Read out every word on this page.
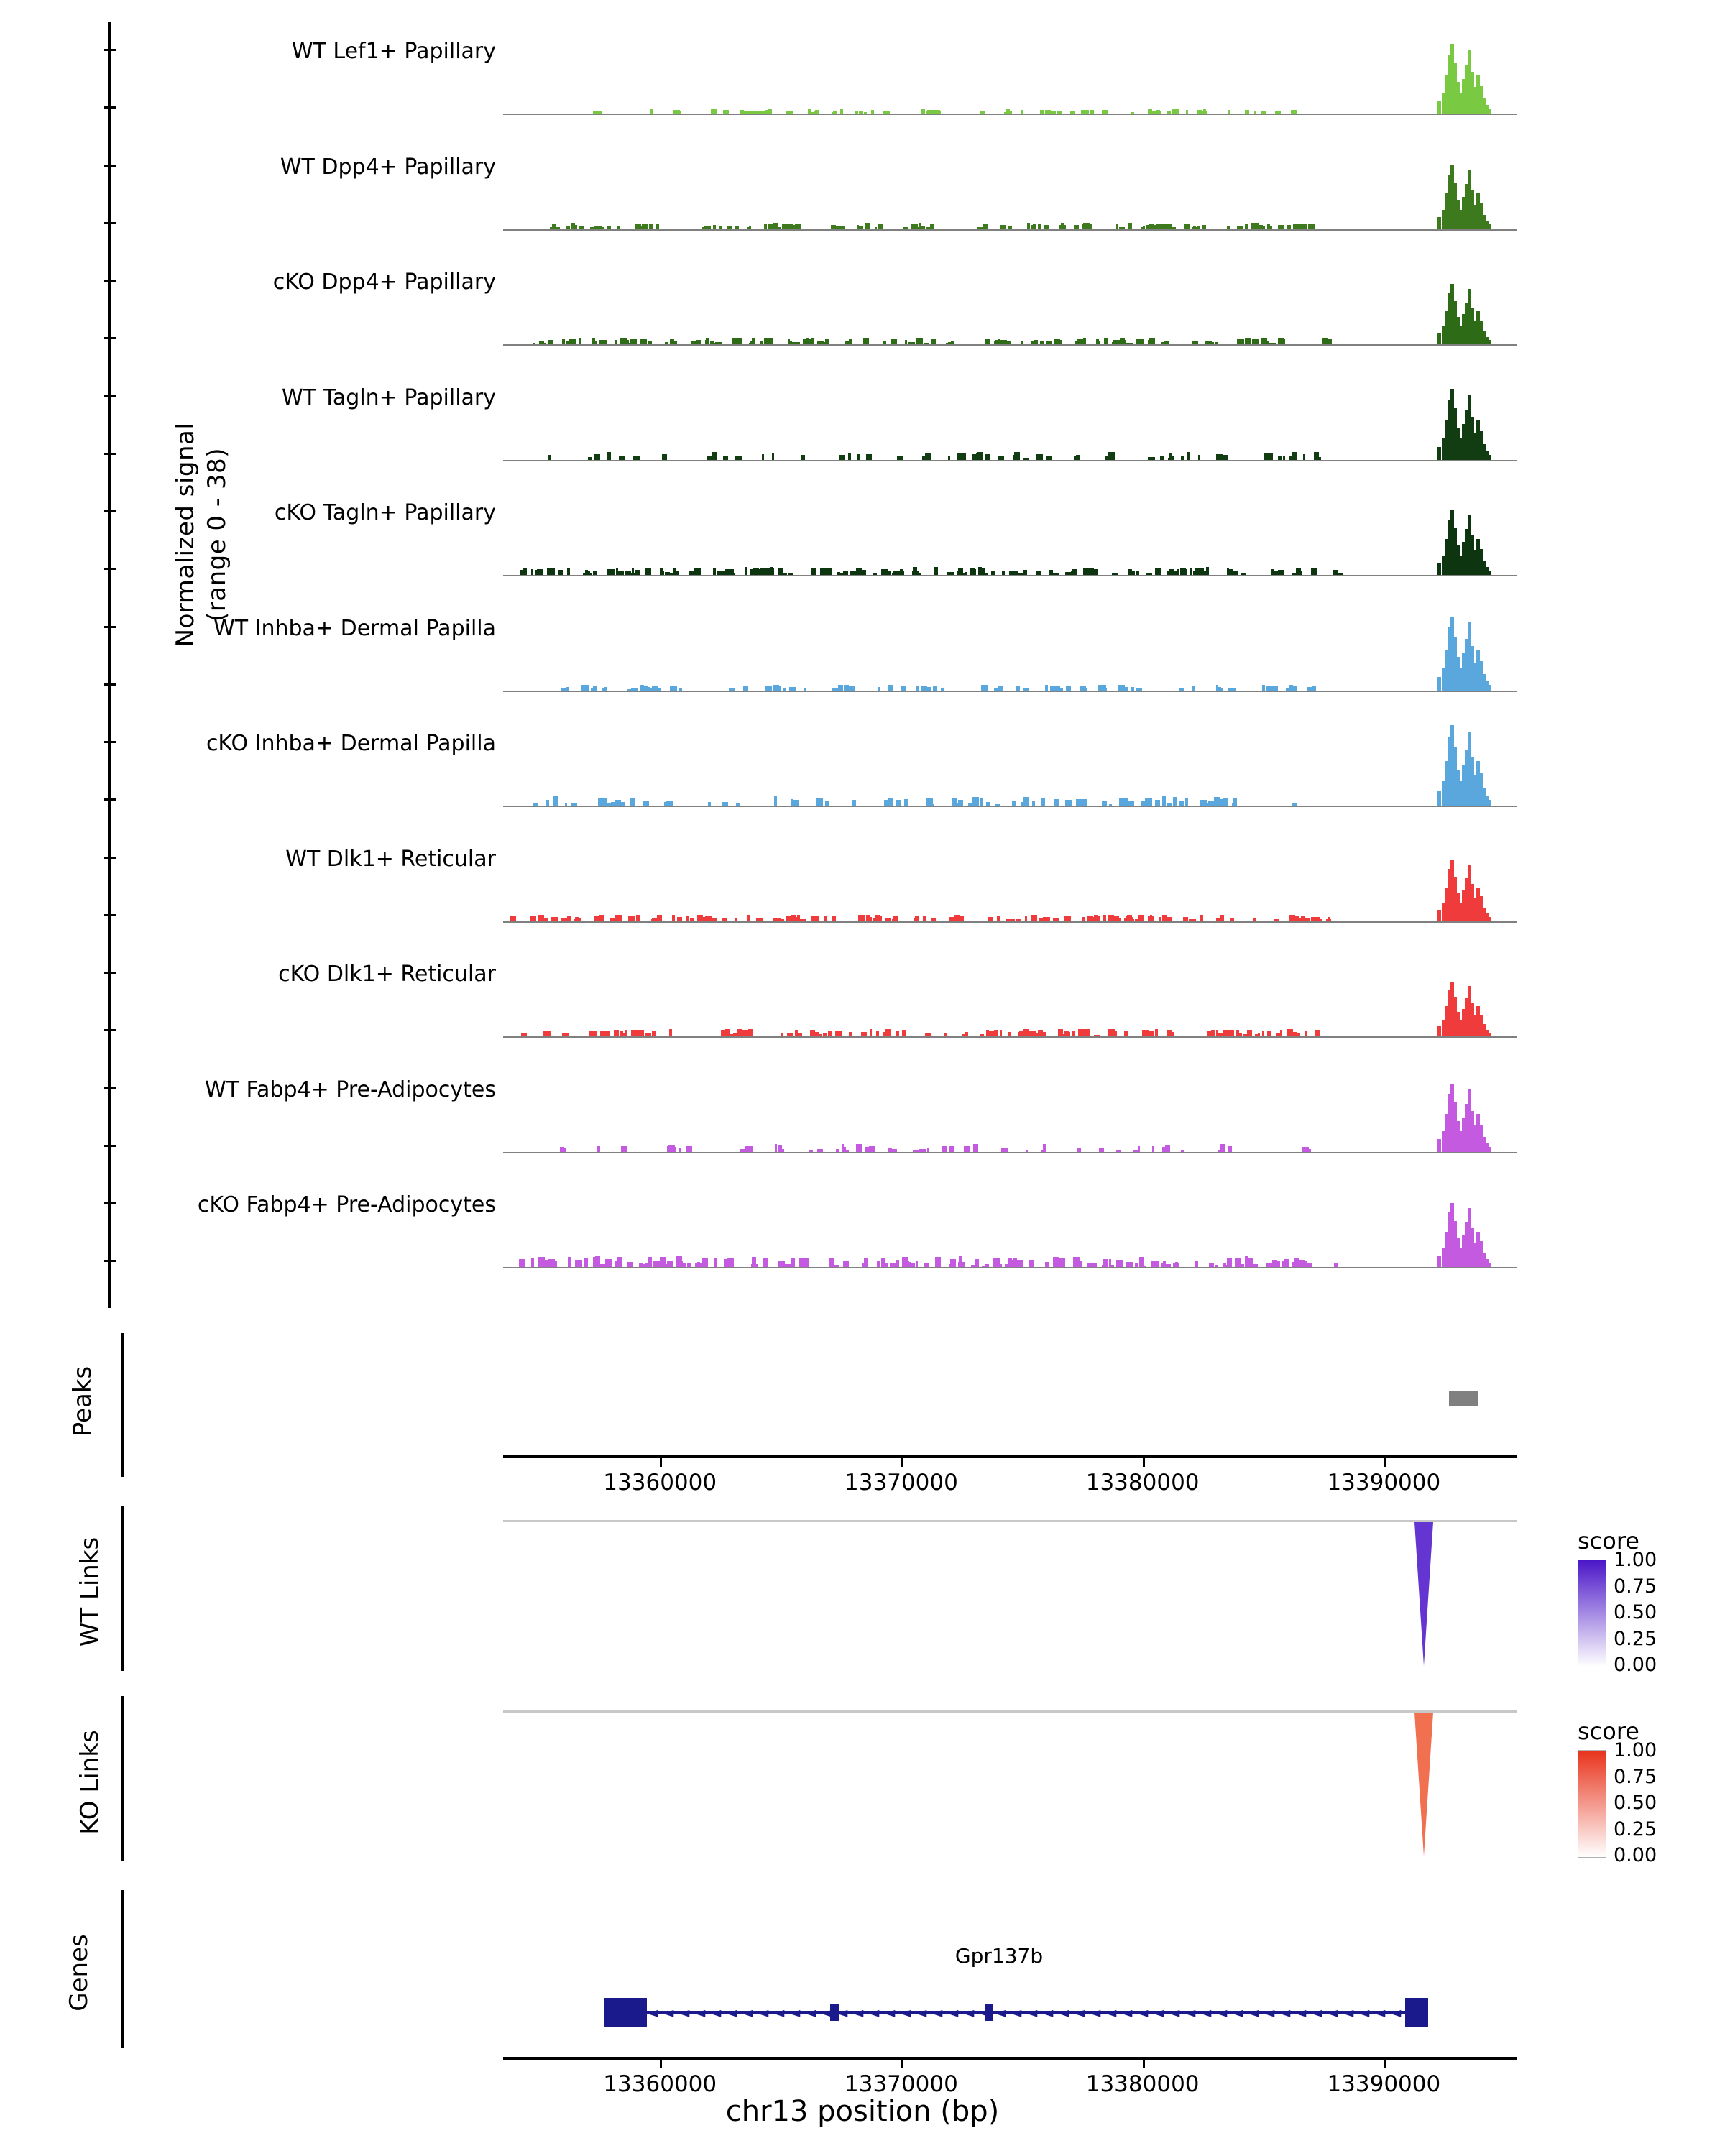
Normalized signal (range 0 - 38)
WT Lef1+ Papillary
WT Dpp4+ Papillary
cKO Dpp4+ Papillary
WT Tagln+ Papillary
cKO Tagln+ Papillary
WT Inhba+ Dermal Papilla
cKO Inhba+ Dermal Papilla
WT Dlk1+ Reticular
cKO Dlk1+ Reticular
WT Fabp4+ Pre-Adipocytes
cKO Fabp4+ Pre-Adipocytes
Peaks
13360000	13370000	13380000	13390000
WT Links	score
1.00
0.75
0.50
0.25
0.00
KO Links	score
1.00
0.75
0.50
0.25
0.00
Genes	Gpr137b
◄ ◄ ◄ ◄ ◄ ◄ ◄ ◄ ◄ ◄ ◄ ◄ ◄ ◄ ◄ ◄ ◄ ◄ ◄ ◄ ◄ ◄ ◄ ◄ ◄ ◄ ◄ ◄ ◄ ◄ ◄ ◄ ◄ ◄ ◄ ◄ ◄ ◄ ◄ ◄ ◄ ◄ ◄ ◄ ◄ ◄ ◄ ◄ ◄
13360000	13370000	13380000	13390000
chr13 position (bp)
